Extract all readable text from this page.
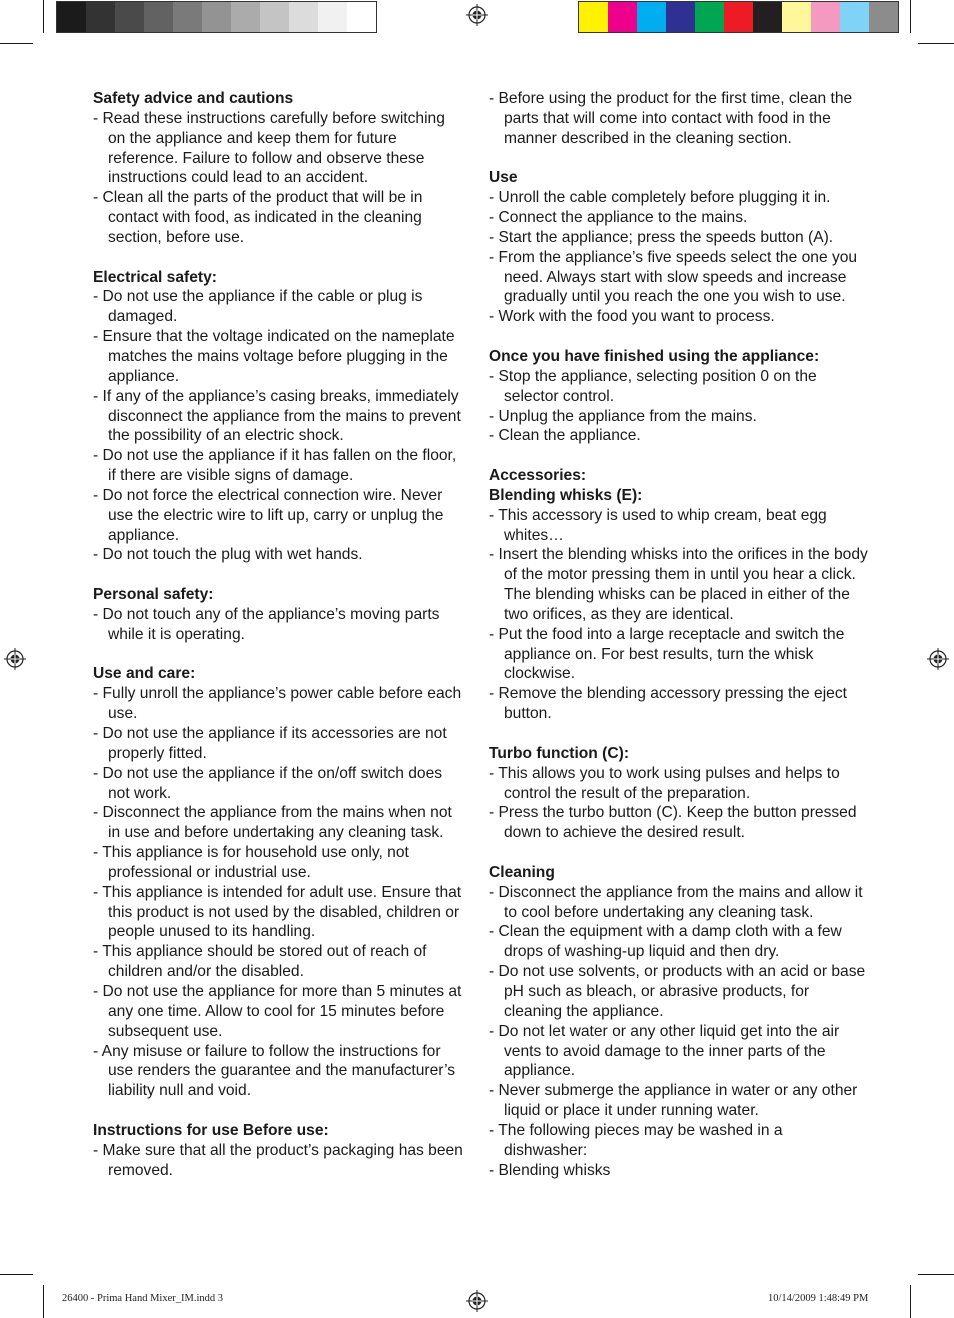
Safety advice and cautions
- Read these instructions carefully before switching on the appliance and keep them for future reference. Failure to follow and observe these instructions could lead to an accident.
- Clean all the parts of the product that will be in contact with food, as indicated in the cleaning section, before use.
Electrical safety:
- Do not use the appliance if the cable or plug is damaged.
- Ensure that the voltage indicated on the nameplate matches the mains voltage before plugging in the appliance.
- If any of the appliance’s casing breaks, immediately disconnect the appliance from the mains to prevent the possibility of an electric shock.
- Do not use the appliance if it has fallen on the floor, if there are visible signs of damage.
- Do not force the electrical connection wire. Never use the electric wire to lift up, carry or unplug the appliance.
- Do not touch the plug with wet hands.
Personal safety:
- Do not touch any of the appliance’s moving parts while it is operating.
Use and care:
- Fully unroll the appliance’s power cable before each use.
- Do not use the appliance if its accessories are not properly fitted.
- Do not use the appliance if the on/off switch does not work.
- Disconnect the appliance from the mains when not in use and before undertaking any cleaning task.
- This appliance is for household use only, not professional or industrial use.
- This appliance is intended for adult use. Ensure that this product is not used by the disabled, children or people unused to its handling.
- This appliance should be stored out of reach of children and/or the disabled.
- Do not use the appliance for more than 5 minutes at any one time. Allow to cool for 15 minutes before subsequent use.
- Any misuse or failure to follow the instructions for use renders the guarantee and the manufacturer’s liability null and void.
Instructions for use Before use:
- Make sure that all the product’s packaging has been removed.
- Before using the product for the first time, clean the parts that will come into contact with food in the manner described in the cleaning section.
Use
- Unroll the cable completely before plugging it in.
- Connect the appliance to the mains.
- Start the appliance; press the speeds button (A).
- From the appliance’s five speeds select the one you need. Always start with slow speeds and increase gradually until you reach the one you wish to use.
- Work with the food you want to process.
Once you have finished using the appliance:
- Stop the appliance, selecting position 0 on the selector control.
- Unplug the appliance from the mains.
- Clean the appliance.
Accessories:
Blending whisks (E):
- This accessory is used to whip cream, beat egg whites…
- Insert the blending whisks into the orifices in the body of the motor pressing them in until you hear a click. The blending whisks can be placed in either of the two orifices, as they are identical.
- Put the food into a large receptacle and switch the appliance on. For best results, turn the whisk clockwise.
- Remove the blending accessory pressing the eject button.
Turbo function (C):
- This allows you to work using pulses and helps to control the result of the preparation.
- Press the turbo button (C). Keep the button pressed down to achieve the desired result.
Cleaning
- Disconnect the appliance from the mains and allow it to cool before undertaking any cleaning task.
- Clean the equipment with a damp cloth with a few drops of washing-up liquid and then dry.
- Do not use solvents, or products with an acid or base pH such as bleach, or abrasive products, for cleaning the appliance.
- Do not let water or any other liquid get into the air vents to avoid damage to the inner parts of the appliance.
- Never submerge the appliance in water or any other liquid or place it under running water.
- The following pieces may be washed in a dishwasher:
- Blending whisks
26400 - Prima Hand Mixer_IM.indd 3	10/14/2009 1:48:49 PM
